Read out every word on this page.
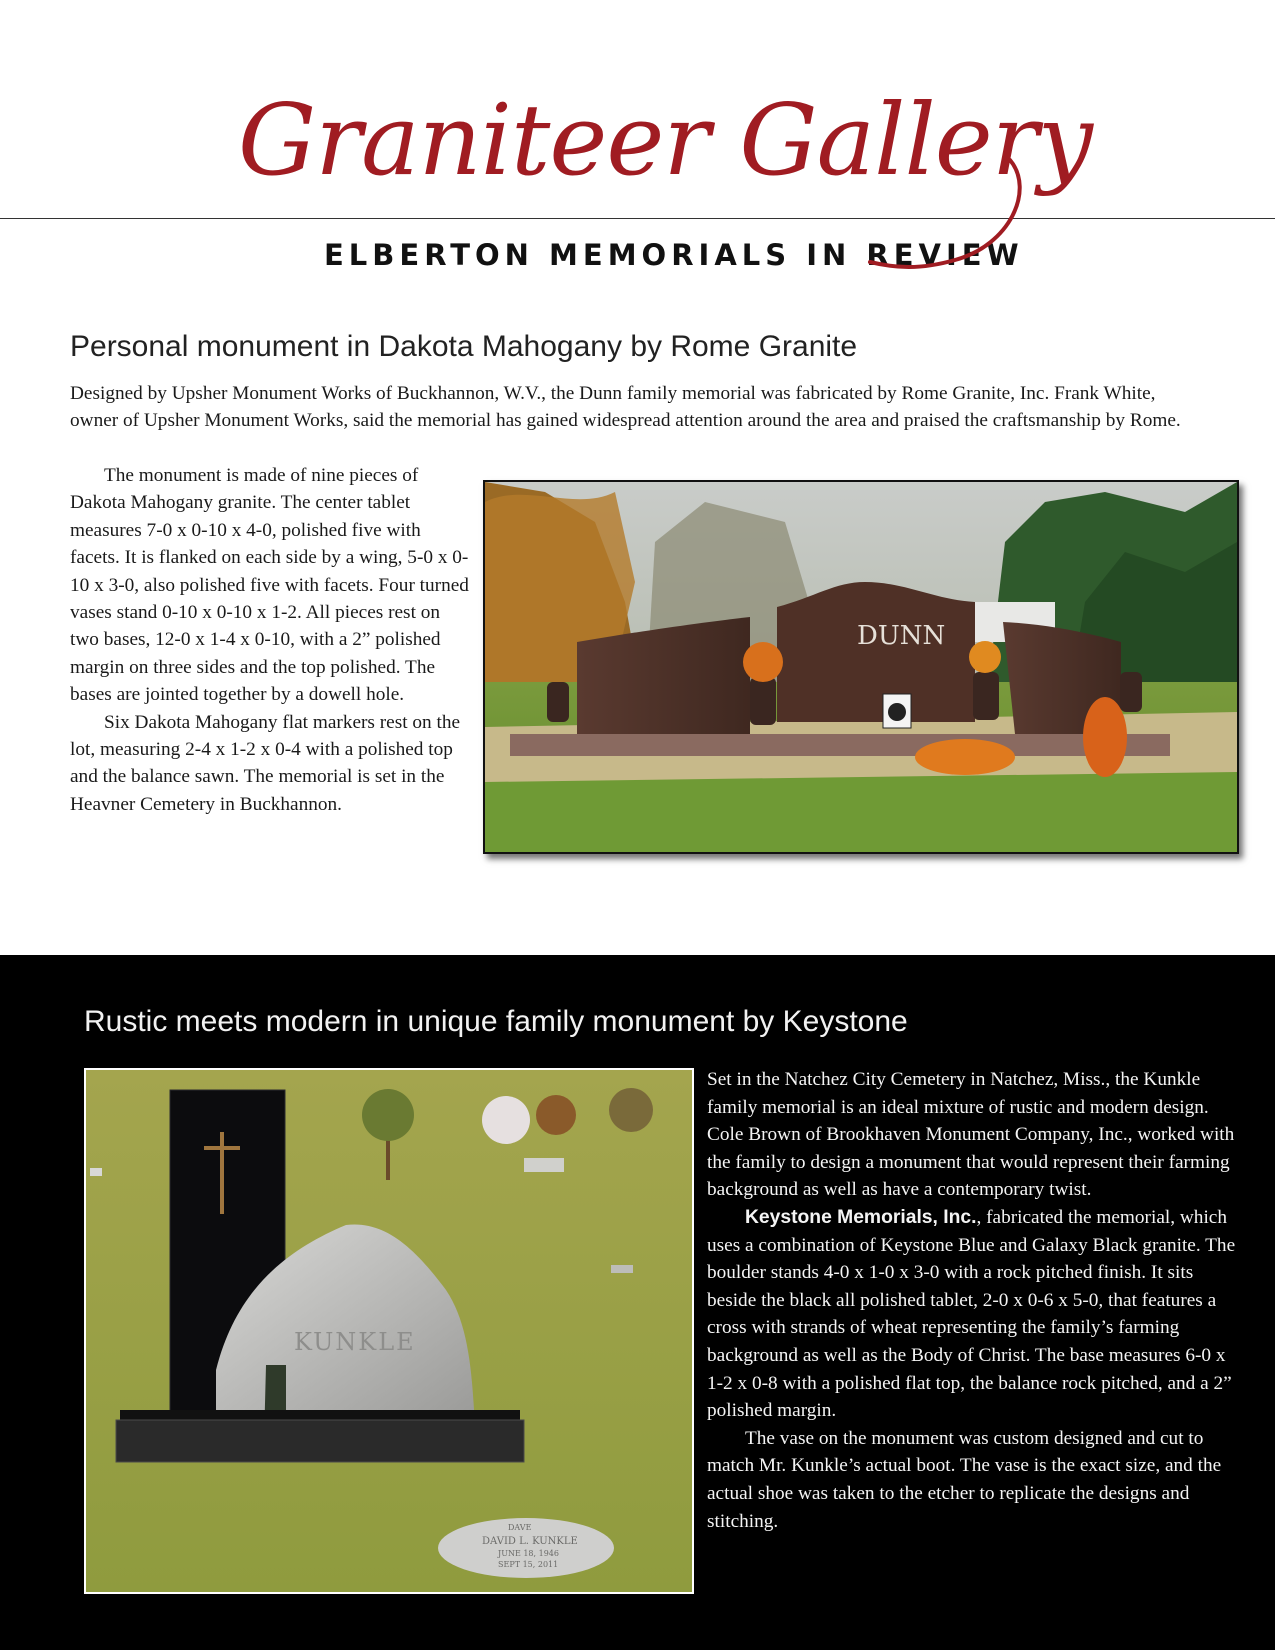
Graniteer Gallery
ELBERTON MEMORIALS IN REVIEW
Personal monument in Dakota Mahogany by Rome Granite

Designed by Upsher Monument Works of Buckhannon, W.V., the Dunn family memorial was fabricated by Rome Granite, Inc. Frank White, owner of Upsher Monument Works, said the memorial has gained widespread attention around the area and praised the craftsmanship by Rome.

The monument is made of nine pieces of Dakota Mahogany granite. The center tablet measures 7-0 x 0-10 x 4-0, polished five with facets. It is flanked on each side by a wing, 5-0 x 0-10 x 3-0, also polished five with facets. Four turned vases stand 0-10 x 0-10 x 1-2. All pieces rest on two bases, 12-0 x 1-4 x 0-10, with a 2” polished margin on three sides and the top polished. The bases are jointed together by a dowell hole.

Six Dakota Mahogany flat markers rest on the lot, measuring 2-4 x 1-2 x 0-4 with a polished top and the balance sawn. The memorial is set in the Heavner Cemetery in Buckhannon.

DUNN
Rustic meets modern in unique family monument by Keystone
KUNKLE
DAVE
DAVID L. KUNKLE
JUNE 18, 1946
SEPT 15, 2011

Set in the Natchez City Cemetery in Natchez, Miss., the Kunkle family memorial is an ideal mixture of rustic and modern design. Cole Brown of Brookhaven Monument Company, Inc., worked with the family to design a monument that would represent their farming background as well as have a contemporary twist.

Keystone Memorials, Inc., fabricated the memorial, which uses a combination of Keystone Blue and Galaxy Black granite. The boulder stands 4-0 x 1-0 x 3-0 with a rock pitched finish. It sits beside the black all polished tablet, 2-0 x 0-6 x 5-0, that features a cross with strands of wheat representing the family’s farming background as well as the Body of Christ. The base measures 6-0 x 1-2 x 0-8 with a polished flat top, the balance rock pitched, and a 2” polished margin.

The vase on the monument was custom designed and cut to match Mr. Kunkle’s actual boot. The vase is the exact size, and the actual shoe was taken to the etcher to replicate the designs and stitching.
